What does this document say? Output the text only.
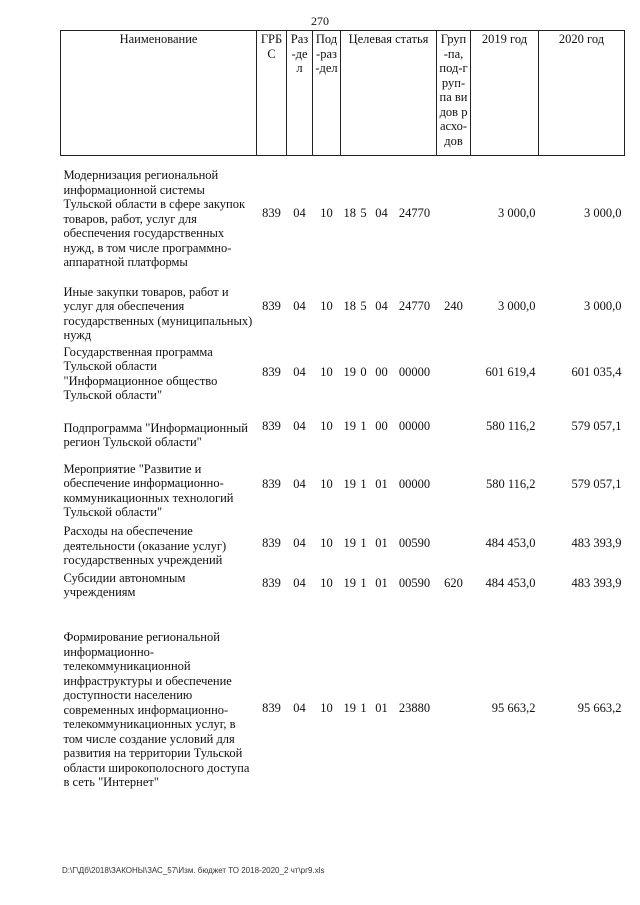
270
Наименование	ГРБС	Раз-дел	Под-раз-дел	Целевая статья				Груп-па, под-груп-па видов расхо-дов	2019 год	2020 год
Модернизация региональной информационной системы Тульской области в сфере закупок товаров, работ, услуг для обеспечения государственных нужд, в том числе программно-аппаратной платформы	839	04	10	18	5	04	24770		3 000,0	3 000,0
Иные закупки товаров, работ и услуг для обеспечения государственных (муниципальных) нужд	839	04	10	18	5	04	24770	240	3 000,0	3 000,0
Государственная программа Тульской области "Информационное общество Тульской области"	839	04	10	19	0	00	00000		601 619,4	601 035,4
Подпрограмма "Информационный регион Тульской области"	839	04	10	19	1	00	00000		580 116,2	579 057,1
Мероприятие "Развитие и обеспечение информационно-коммуникационных технологий Тульской области"	839	04	10	19	1	01	00000		580 116,2	579 057,1
Расходы на обеспечение деятельности (оказание услуг) государственных учреждений	839	04	10	19	1	01	00590		484 453,0	483 393,9
Субсидии автономным учреждениям	839	04	10	19	1	01	00590	620	484 453,0	483 393,9
Формирование региональной информационно-телекоммуникационной инфраструктуры и обеспечение доступности населению современных информационно-телекоммуникационных услуг, в том числе создание условий для развития на территории Тульской области широкополосного доступа в сеть "Интернет"	839	04	10	19	1	01	23880		95 663,2	95 663,2
D:\Г\Дб\2018\ЗАКОНЫ\ЗАС_57\Изм. бюджет ТО 2018-2020_2 чт\рг9.xls
